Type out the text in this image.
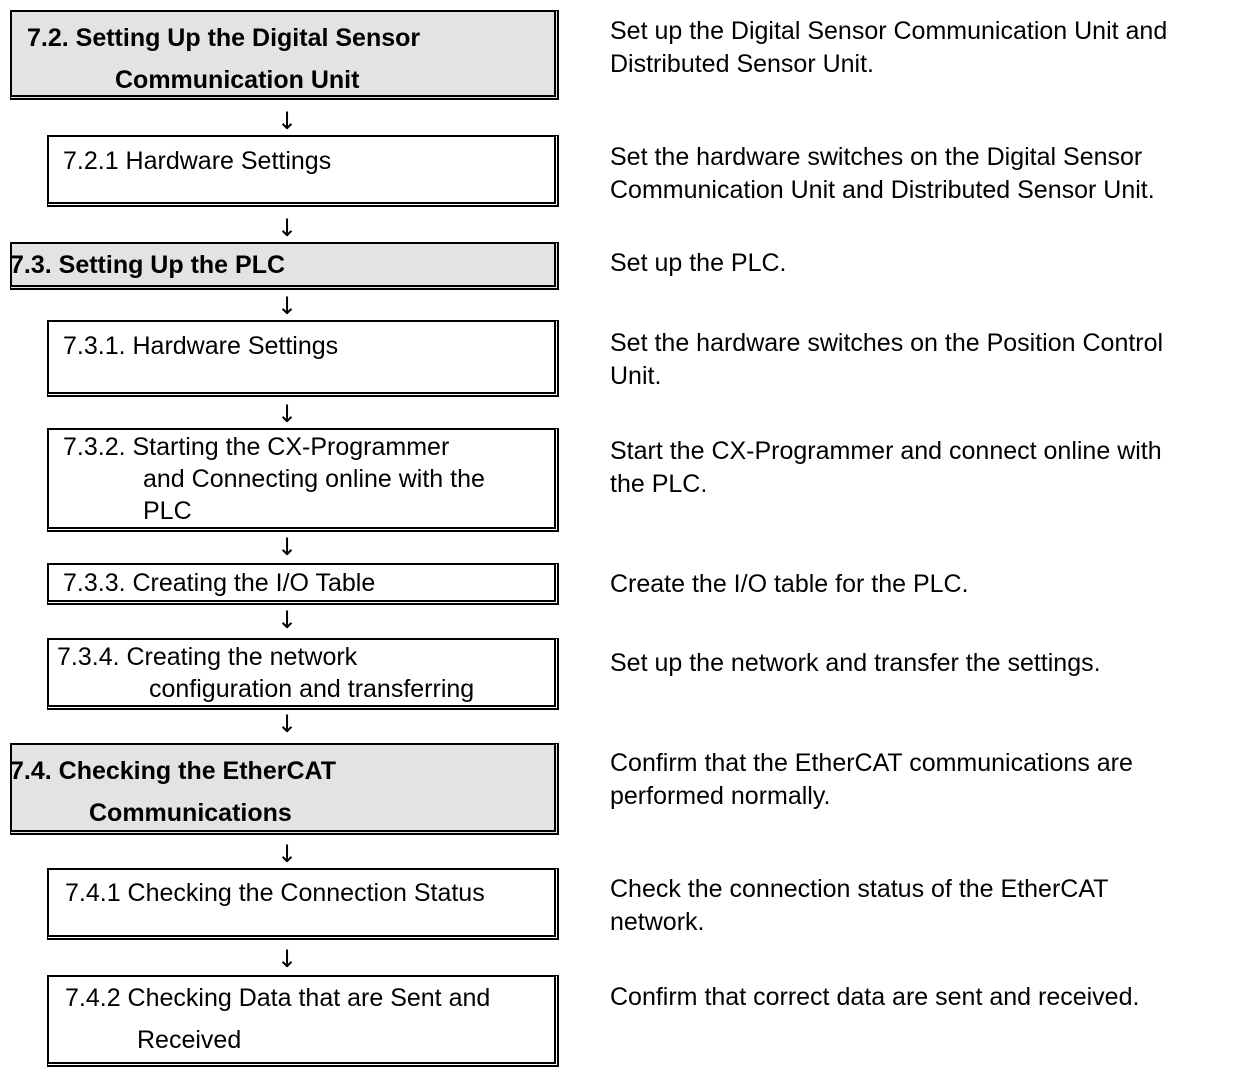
7.2. Setting Up the Digital Sensor
Communication Unit
↓
Set up the Digital Sensor Communication Unit and
Distributed Sensor Unit.
7.2.1 Hardware Settings
↓
Set the hardware switches on the Digital Sensor
Communication Unit and Distributed Sensor Unit.
7.3. Setting Up the PLC
↓
Set up the PLC.
7.3.1. Hardware Settings
↓
Set the hardware switches on the Position Control
Unit.
7.3.2. Starting the CX-Programmer
and Connecting online with the
PLC
↓
Start the CX-Programmer and connect online with
the PLC.
7.3.3. Creating the I/O Table
↓
Create the I/O table for the PLC.
7.3.4. Creating the network
configuration and transferring
↓
Set up the network and transfer the settings.
7.4. Checking the EtherCAT
Communications
↓
Confirm that the EtherCAT communications are
performed normally.
7.4.1 Checking the Connection Status
↓
Check the connection status of the EtherCAT
network.
7.4.2 Checking Data that are Sent and
Received
Confirm that correct data are sent and received.
